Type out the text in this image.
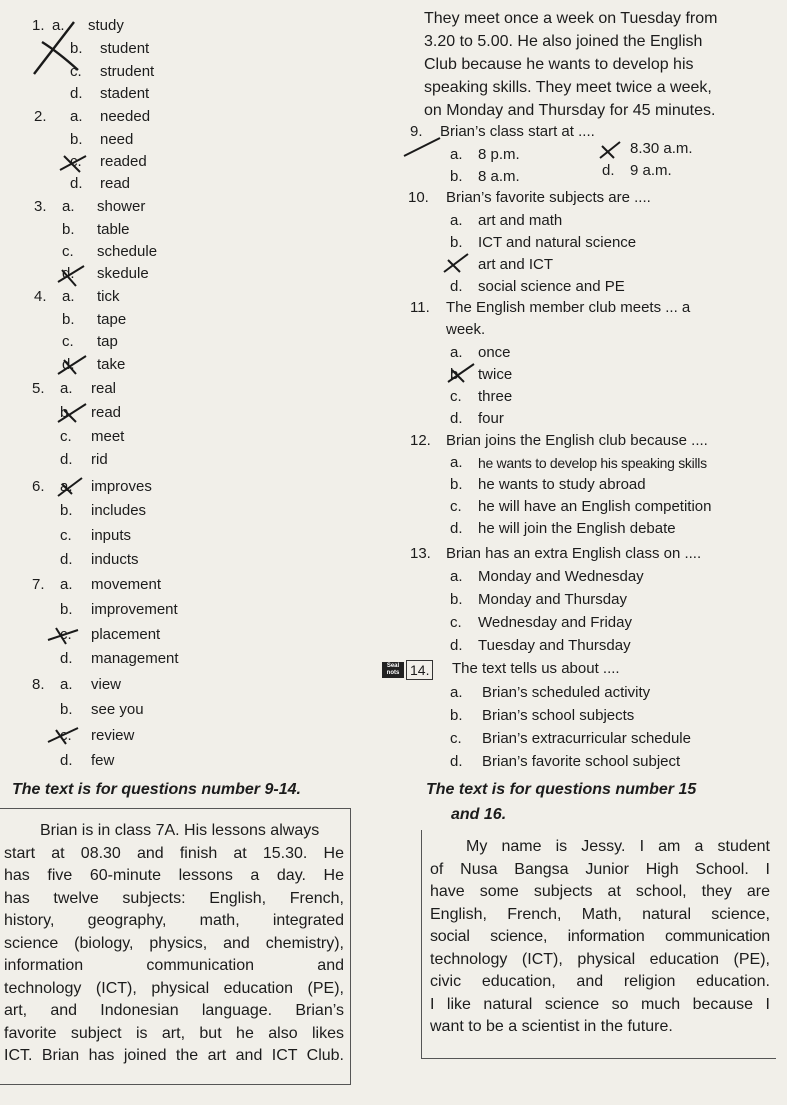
1. a. study
b. student
c. strudent
d. stadent
2. a. needed
b. need
c. readed
d. read
3. a. shower
b. table
c. schedule
d. skedule
4. a. tick
b. tape
c. tap
d. take
5. a. real
b. read
c. meet
d. rid
6. a. improves
b. includes
c. inputs
d. inducts
7. a. movement
b. improvement
c. placement
d. management
8. a. view
b. see you
c. review
d. few
They meet once a week on Tuesday from
3.20 to 5.00. He also joined the English
Club because he wants to develop his
speaking skills. They meet twice a week,
on Monday and Thursday for 45 minutes.
9. Brian’s class start at ....
a. 8 p.m.
b. 8 a.m.
8.30 a.m.
d. 9 a.m.
10. Brian’s favorite subjects are ....
a. art and math
b. ICT and natural science
art and ICT
d. social science and PE
11. The English member club meets ... a
week.
a. once
b. twice
c. three
d. four
12. Brian joins the English club because ....
a. he wants to develop his speaking skills
b. he wants to study abroad
c. he will have an English competition
d. he will join the English debate
13. Brian has an extra English class on ....
a. Monday and Wednesday
b. Monday and Thursday
c. Wednesday and Friday
d. Tuesday and Thursday
Seal
nots 14. The text tells us about ....
a. Brian’s scheduled activity
b. Brian’s school subjects
c. Brian’s extracurricular schedule
d. Brian’s favorite school subject
The text is for questions number 9-14.	The text is for questions number 15
and 16.

Brian is in class 7A. His lessons always

start at 08.30 and finish at 15.30. He

has five 60-minute lessons a day. He

has twelve subjects: English, French,

history, geography, math, integrated

science (biology, physics, and chemistry),

information communication and

technology (ICT), physical education (PE),

art, and Indonesian language. Brian’s

favorite subject is art, but he also likes

ICT. Brian has joined the art and ICT Club.

My name is Jessy. I am a student

of Nusa Bangsa Junior High School. I

have some subjects at school, they are

English, French, Math, natural science,

social science, information communication

technology (ICT), physical education (PE),

civic education, and religion education.

I like natural science so much because I

want to be a scientist in the future.
